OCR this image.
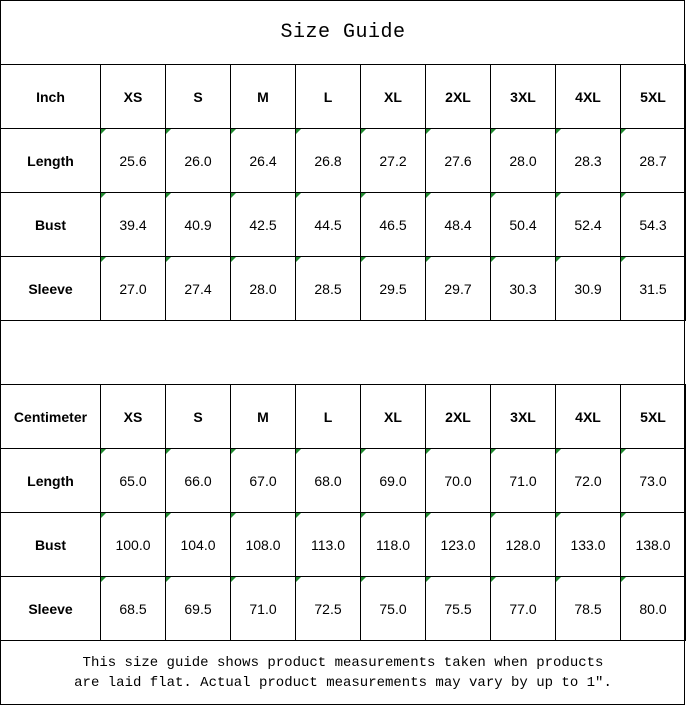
Size Guide
Inch	XS	S	M	L	XL	2XL	3XL	4XL	5XL
Length	25.6	26.0	26.4	26.8	27.2	27.6	28.0	28.3	28.7
Bust	39.4	40.9	42.5	44.5	46.5	48.4	50.4	52.4	54.3
Sleeve	27.0	27.4	28.0	28.5	29.5	29.7	30.3	30.9	31.5
Centimeter	XS	S	M	L	XL	2XL	3XL	4XL	5XL
Length	65.0	66.0	67.0	68.0	69.0	70.0	71.0	72.0	73.0
Bust	100.0	104.0	108.0	113.0	118.0	123.0	128.0	133.0	138.0
Sleeve	68.5	69.5	71.0	72.5	75.0	75.5	77.0	78.5	80.0
This size guide shows product measurements taken when products
are laid flat. Actual product measurements may vary by up to 1″.
